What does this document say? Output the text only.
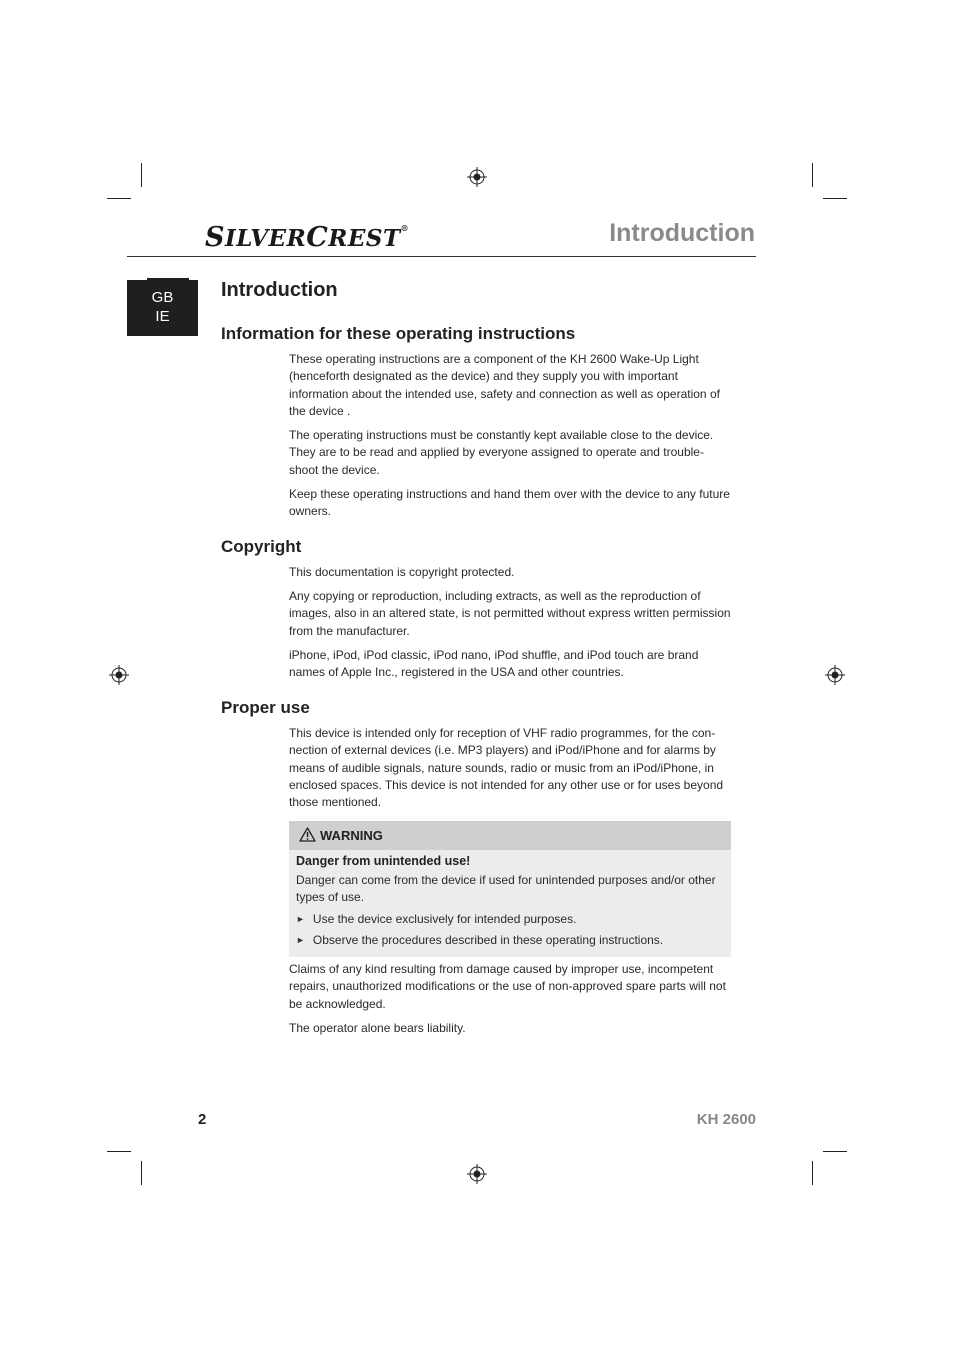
SILVERCREST®	Introduction
GB
IE
Introduction
Information for these operating instructions

These operating instructions are a component of the KH 2600 Wake-Up Light (henceforth designated as the device) and they supply you with important information about the intended use, safety and connection as well as operation of the device .

The operating instructions must be constantly kept available close to the device. They are to be read and applied by everyone assigned to operate and trouble-shoot the device.

Keep these operating instructions and hand them over with the device to any future owners.

Copyright

This documentation is copyright protected.

Any copying or reproduction, including extracts, as well as the reproduction of images, also in an altered state, is not permitted without express written permission from the manufacturer.

iPhone, iPod, iPod classic, iPod nano, iPod shuffle, and iPod touch are brand names of Apple Inc., registered in the USA and other countries.

Proper use

This device is intended only for reception of VHF radio programmes, for the con-nection of external devices (i.e. MP3 players) and iPod/iPhone and for alarms by means of audible signals, nature sounds, radio or music from an iPod/iPhone, in enclosed spaces. This device is not intended for any other use or for uses beyond those mentioned.

WARNING

Danger from unintended use!

Danger can come from the device if used for unintended purposes and/or other types of use.

► Use the device exclusively for intended purposes.
► Observe the procedures described in these operating instructions.

Claims of any kind resulting from damage caused by improper use, incompetent repairs, unauthorized modifications or the use of non-approved spare parts will not be acknowledged.

The operator alone bears liability.

2	KH 2600
